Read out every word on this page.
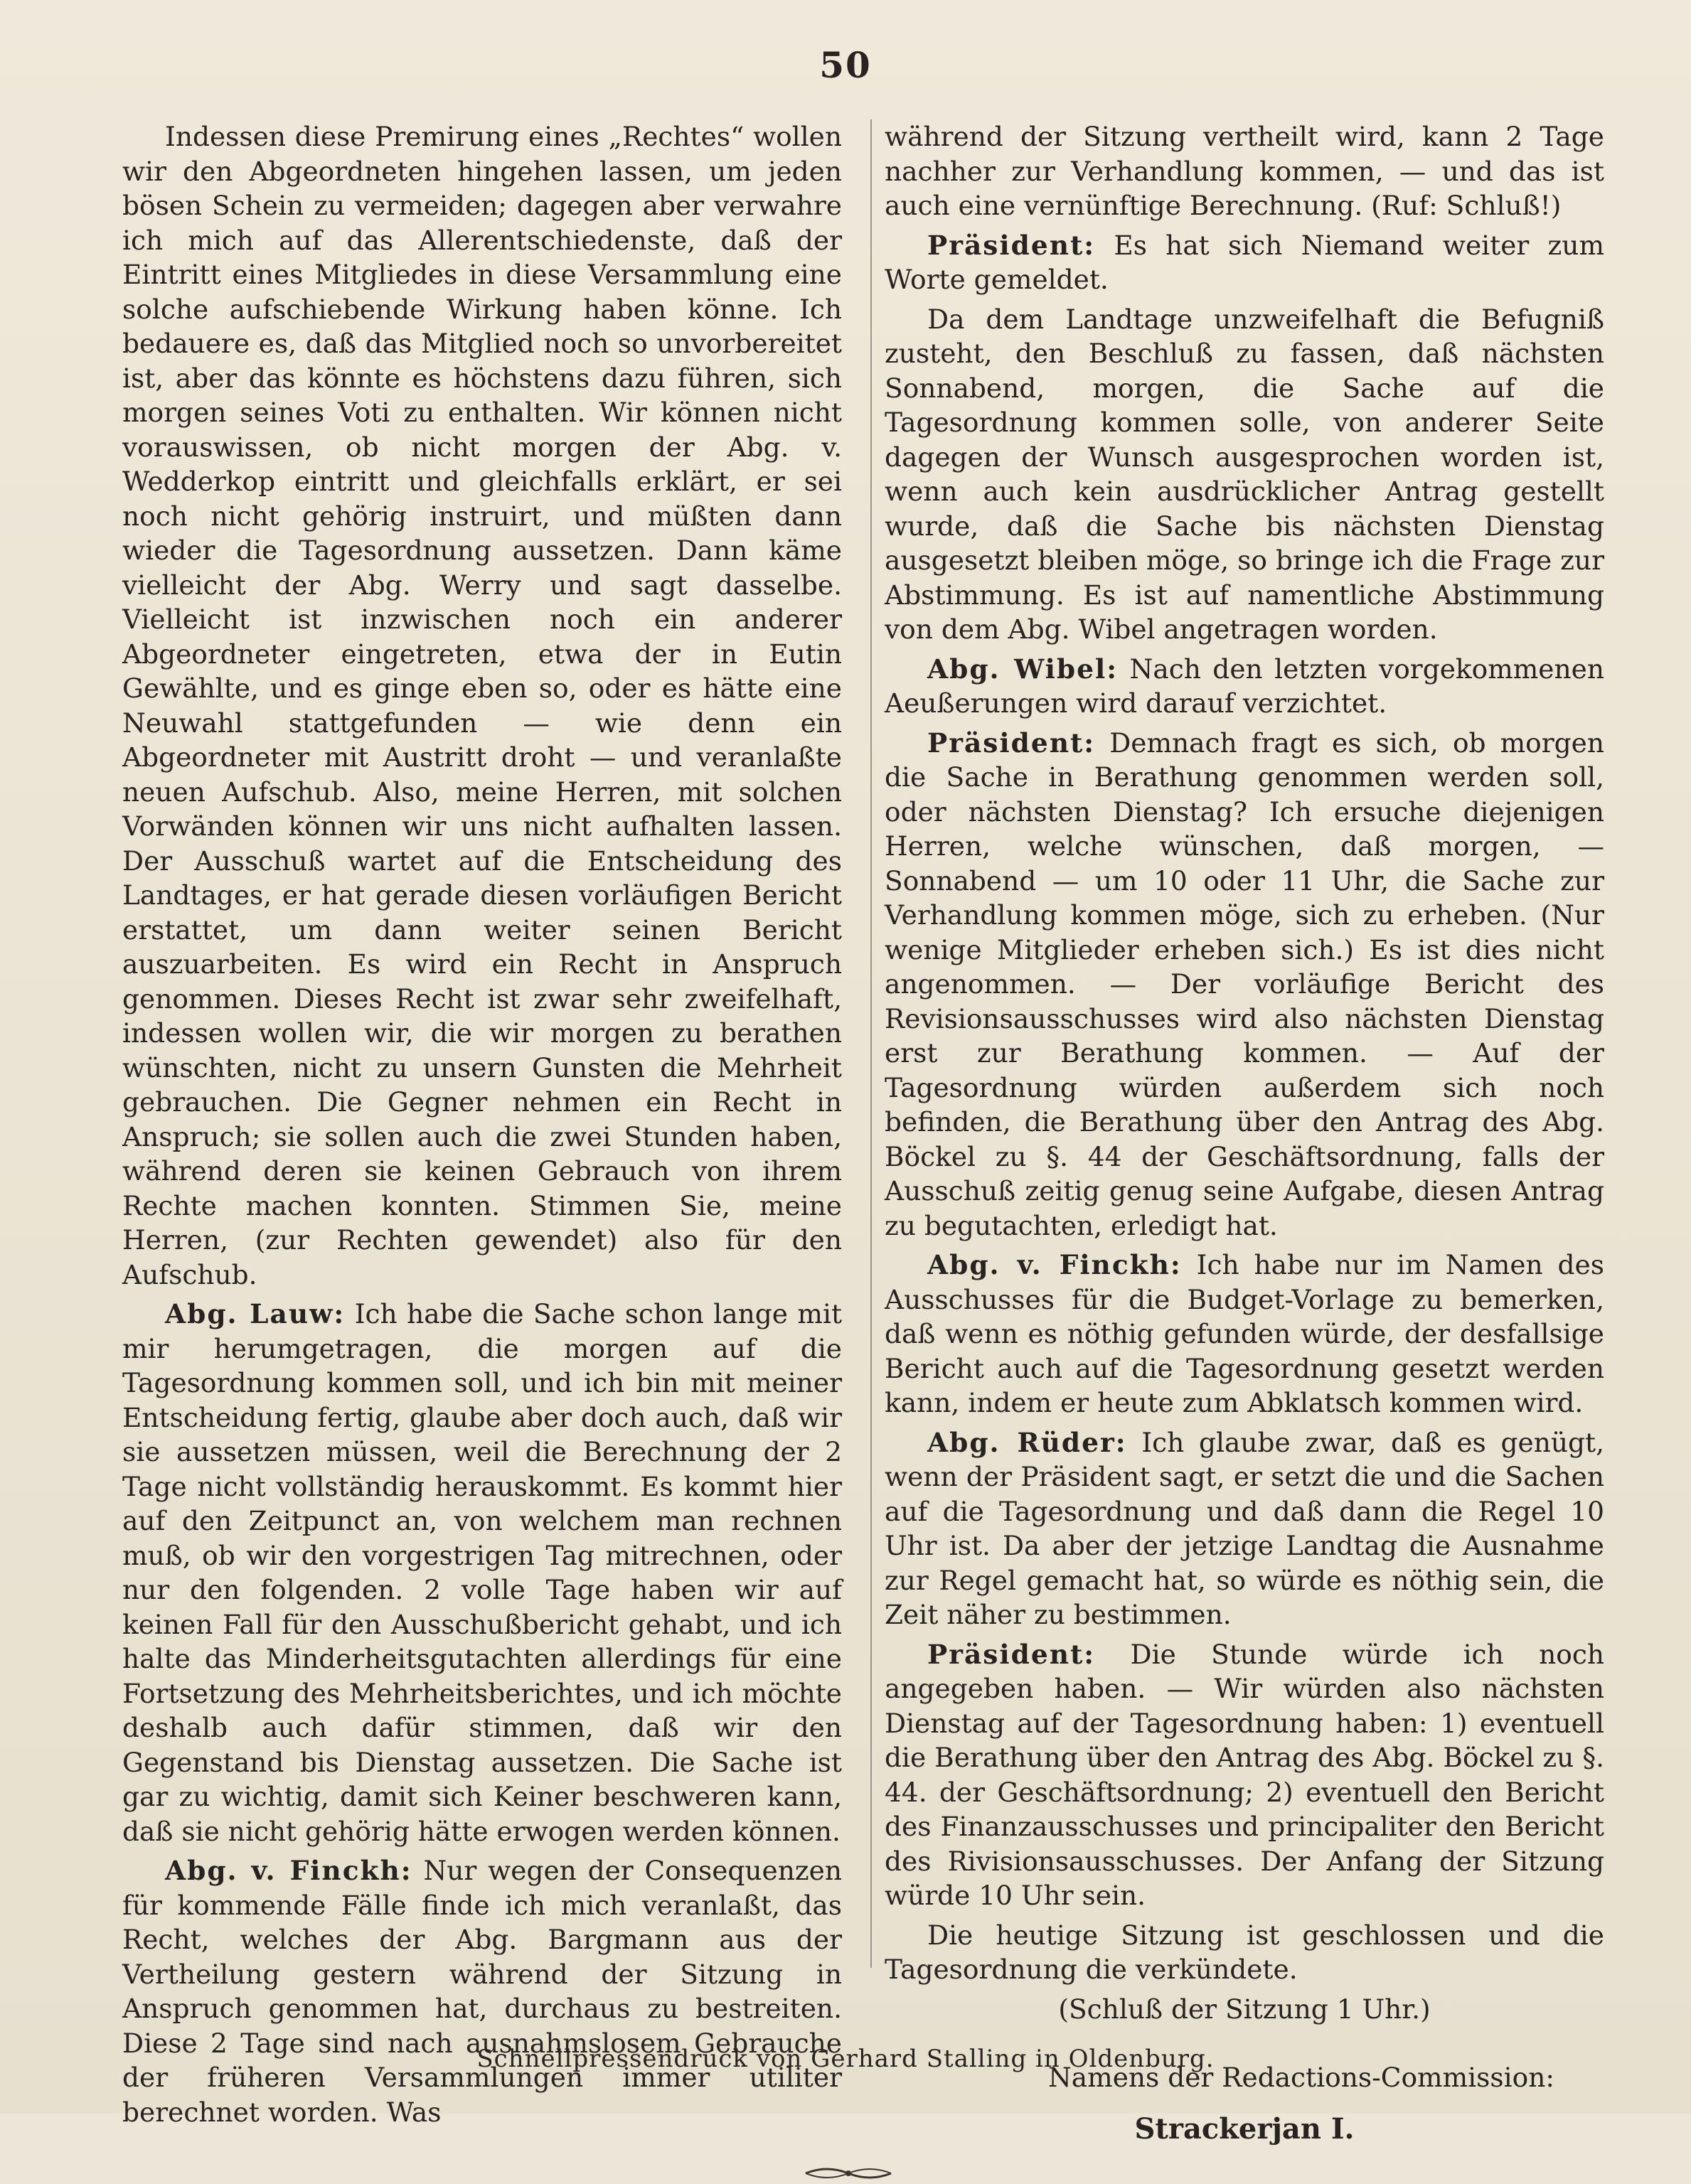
50

Indessen diese Premirung eines „Rechtes“ wollen wir den Abgeordneten hingehen lassen, um jeden bösen Schein zu vermeiden; dagegen aber verwahre ich mich auf das Allerentschiedenste, daß der Eintritt eines Mitgliedes in diese Versammlung eine solche aufschiebende Wirkung haben könne. Ich bedauere es, daß das Mitglied noch so unvorbereitet ist, aber das könnte es höchstens dazu führen, sich morgen seines Voti zu enthalten. Wir können nicht vorauswissen, ob nicht morgen der Abg. v. Wedderkop eintritt und gleichfalls erklärt, er sei noch nicht gehörig instruirt, und müßten dann wieder die Tagesordnung aussetzen. Dann käme vielleicht der Abg. Werry und sagt dasselbe. Vielleicht ist inzwischen noch ein anderer Abgeordneter eingetreten, etwa der in Eutin Gewählte, und es ginge eben so, oder es hätte eine Neuwahl stattgefunden — wie denn ein Abgeordneter mit Austritt droht — und veranlaßte neuen Aufschub. Also, meine Herren, mit solchen Vorwänden können wir uns nicht aufhalten lassen. Der Ausschuß wartet auf die Entscheidung des Landtages, er hat gerade diesen vorläufigen Bericht erstattet, um dann weiter seinen Bericht auszuarbeiten. Es wird ein Recht in Anspruch genommen. Dieses Recht ist zwar sehr zweifelhaft, indessen wollen wir, die wir morgen zu berathen wünschten, nicht zu unsern Gunsten die Mehrheit gebrauchen. Die Gegner nehmen ein Recht in Anspruch; sie sollen auch die zwei Stunden haben, während deren sie keinen Gebrauch von ihrem Rechte machen konnten. Stimmen Sie, meine Herren, (zur Rechten gewendet) also für den Aufschub.

Abg. Lauw: Ich habe die Sache schon lange mit mir herumgetragen, die morgen auf die Tagesordnung kommen soll, und ich bin mit meiner Entscheidung fertig, glaube aber doch auch, daß wir sie aussetzen müssen, weil die Berechnung der 2 Tage nicht vollständig herauskommt. Es kommt hier auf den Zeitpunct an, von welchem man rechnen muß, ob wir den vorgestrigen Tag mitrechnen, oder nur den folgenden. 2 volle Tage haben wir auf keinen Fall für den Ausschußbericht gehabt, und ich halte das Minderheitsgutachten allerdings für eine Fortsetzung des Mehrheitsberichtes, und ich möchte deshalb auch dafür stimmen, daß wir den Gegenstand bis Dienstag aussetzen. Die Sache ist gar zu wichtig, damit sich Keiner beschweren kann, daß sie nicht gehörig hätte erwogen werden können.

Abg. v. Finckh: Nur wegen der Consequenzen für kommende Fälle finde ich mich veranlaßt, das Recht, welches der Abg. Bargmann aus der Vertheilung gestern während der Sitzung in Anspruch genommen hat, durchaus zu bestreiten. Diese 2 Tage sind nach ausnahmslosem Gebrauche der früheren Versammlungen immer utiliter berechnet worden. Was

während der Sitzung vertheilt wird, kann 2 Tage nachher zur Verhandlung kommen, — und das ist auch eine vernünftige Berechnung. (Ruf: Schluß!)

Präsident: Es hat sich Niemand weiter zum Worte gemeldet.

Da dem Landtage unzweifelhaft die Befugniß zusteht, den Beschluß zu fassen, daß nächsten Sonnabend, morgen, die Sache auf die Tagesordnung kommen solle, von anderer Seite dagegen der Wunsch ausgesprochen worden ist, wenn auch kein ausdrücklicher Antrag gestellt wurde, daß die Sache bis nächsten Dienstag ausgesetzt bleiben möge, so bringe ich die Frage zur Abstimmung. Es ist auf namentliche Abstimmung von dem Abg. Wibel angetragen worden.

Abg. Wibel: Nach den letzten vorgekommenen Aeußerungen wird darauf verzichtet.

Präsident: Demnach fragt es sich, ob morgen die Sache in Berathung genommen werden soll, oder nächsten Dienstag? Ich ersuche diejenigen Herren, welche wünschen, daß morgen, — Sonnabend — um 10 oder 11 Uhr, die Sache zur Verhandlung kommen möge, sich zu erheben. (Nur wenige Mitglieder erheben sich.) Es ist dies nicht angenommen. — Der vorläufige Bericht des Revisionsausschusses wird also nächsten Dienstag erst zur Berathung kommen. — Auf der Tagesordnung würden außerdem sich noch befinden, die Berathung über den Antrag des Abg. Böckel zu §. 44 der Geschäftsordnung, falls der Ausschuß zeitig genug seine Aufgabe, diesen Antrag zu begutachten, erledigt hat.

Abg. v. Finckh: Ich habe nur im Namen des Ausschusses für die Budget-Vorlage zu bemerken, daß wenn es nöthig gefunden würde, der desfallsige Bericht auch auf die Tagesordnung gesetzt werden kann, indem er heute zum Abklatsch kommen wird.

Abg. Rüder: Ich glaube zwar, daß es genügt, wenn der Präsident sagt, er setzt die und die Sachen auf die Tagesordnung und daß dann die Regel 10 Uhr ist. Da aber der jetzige Landtag die Ausnahme zur Regel gemacht hat, so würde es nöthig sein, die Zeit näher zu bestimmen.

Präsident: Die Stunde würde ich noch angegeben haben. — Wir würden also nächsten Dienstag auf der Tagesordnung haben: 1) eventuell die Berathung über den Antrag des Abg. Böckel zu §. 44. der Geschäftsordnung; 2) eventuell den Bericht des Finanzausschusses und principaliter den Bericht des Rivisionsausschusses. Der Anfang der Sitzung würde 10 Uhr sein.

Die heutige Sitzung ist geschlossen und die Tagesordnung die verkündete.

(Schluß der Sitzung 1 Uhr.)
Namens der Redactions-Commission:
Strackerjan I.
Schnellpressendruck von Gerhard Stalling in Oldenburg.
